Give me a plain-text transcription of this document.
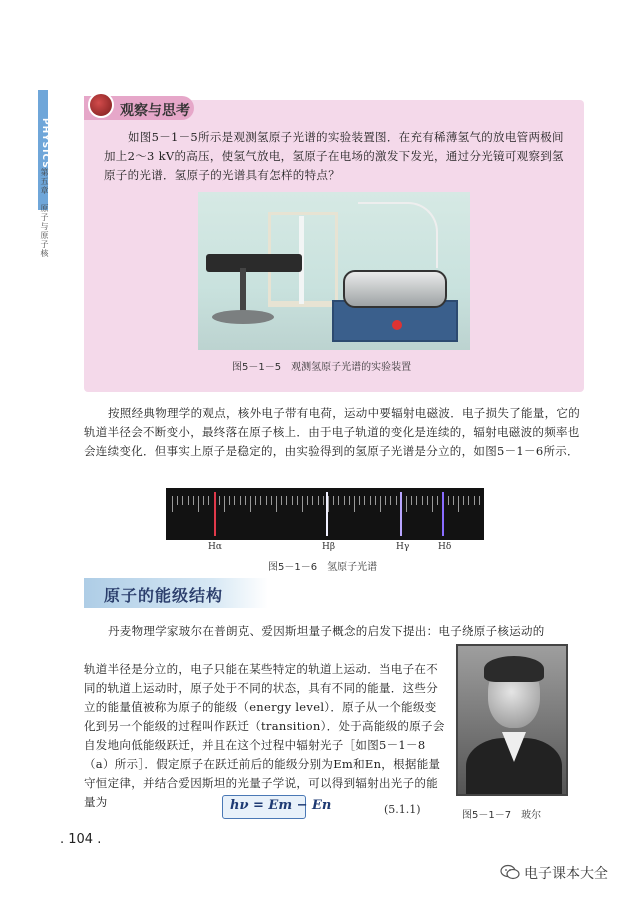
PHYSICS
第五章　原子与原子核
观察与思考
如图5－1－5所示是观测氢原子光谱的实验装置图．在充有稀薄氢气的放电管两极间加上2～3 kV的高压，使氢气放电，氢原子在电场的激发下发光，通过分光镜可观察到氢原子的光谱．氢原子的光谱具有怎样的特点？
图5－1－5　观测氢原子光谱的实验装置
按照经典物理学的观点，核外电子带有电荷，运动中要辐射电磁波．电子损失了能量，它的轨道半径会不断变小，最终落在原子核上．由于电子轨道的变化是连续的，辐射电磁波的频率也会连续变化．但事实上原子是稳定的，由实验得到的氢原子光谱是分立的，如图5－1－6所示．
Hα	Hβ	Hγ	Hδ
图5－1－6　氢原子光谱
原子的能级结构
丹麦物理学家玻尔在普朗克、爱因斯坦量子概念的启发下提出：电子绕原子核运动的
轨道半径是分立的，电子只能在某些特定的轨道上运动．当电子在不同的轨道上运动时，原子处于不同的状态，具有不同的能量．这些分立的能量值被称为原子的能级（energy level）．原子从一个能级变化到另一个能级的过程叫作跃迁（transition）．处于高能级的原子会自发地向低能级跃迁，并且在这个过程中辐射光子［如图5－1－8（a）所示］．假定原子在跃迁前后的能级分别为Em和En，根据能量守恒定律，并结合爱因斯坦的光量子学说，可以得到辐射出光子的能量为
图5－1－7　玻尔
hν = Em − En	(5.1.1)
. 104 .
电子课本大全
